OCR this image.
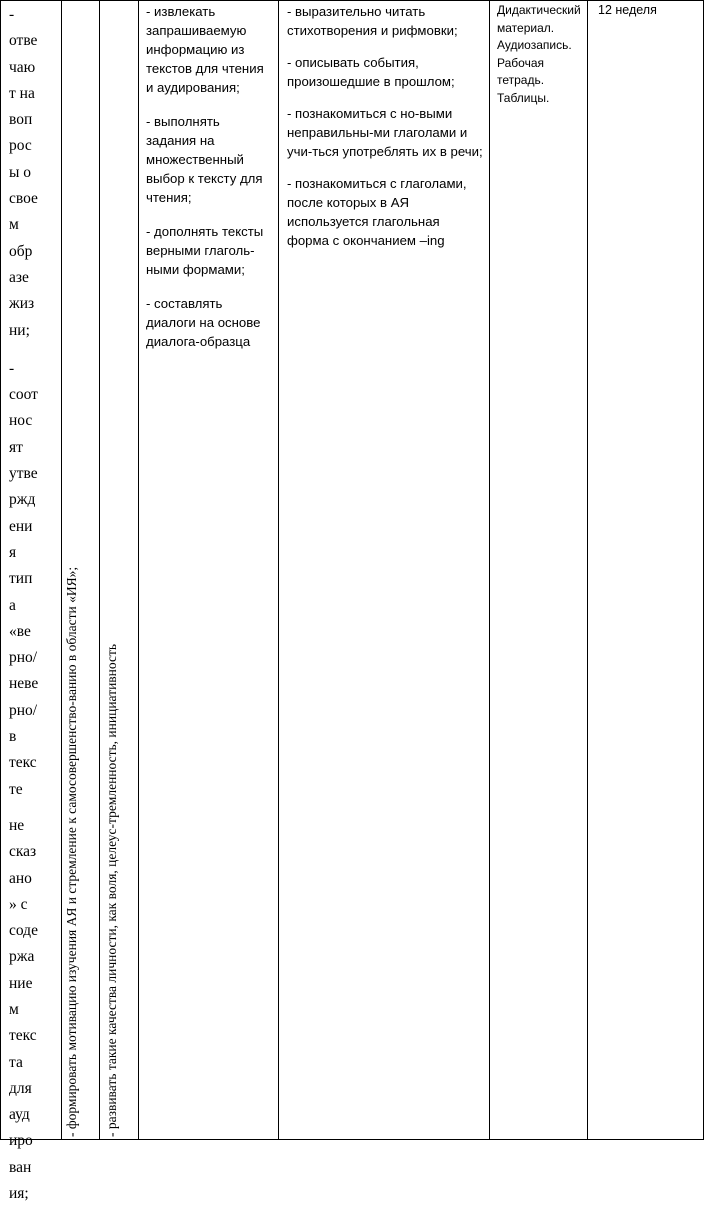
-
отве
чаю
т на
воп
рос
ы о
свое
м
обр
азе
жиз
ни;
-
соот
нос
ят
утве
ржд
ени
я
тип
а
«ве
рно/
неве
рно/
в
текс
те
не
сказ
ано
» с
соде
ржа
ние
м
текс
та
для
ауд
иро
ван
ия;
- формировать мотивацию изучения АЯ и стремление к самосовершенство-ванию в области «ИЯ»; - развивать такие качества личности, как воля, целеус-тремленность, инициативность
- извлекать запрашиваемую информацию из текстов для чтения и аудирования;
- выполнять задания на множественный выбор к тексту для чтения;
- дополнять тексты верными глаголь-ными формами;
- составлять диалоги на основе диалога-образца
- выразительно читать стихотворения и рифмовки;
- описывать события, произошедшие в прошлом;
- познакомиться с но-выми неправильны-ми глаголами и учи-ться употреблять их в речи;
- познакомиться с глаголами, после которых в АЯ используется глагольная форма с окончанием –ing
Дидактический материал. Аудиозапись. Рабочая тетрадь. Таблицы.
12 неделя
